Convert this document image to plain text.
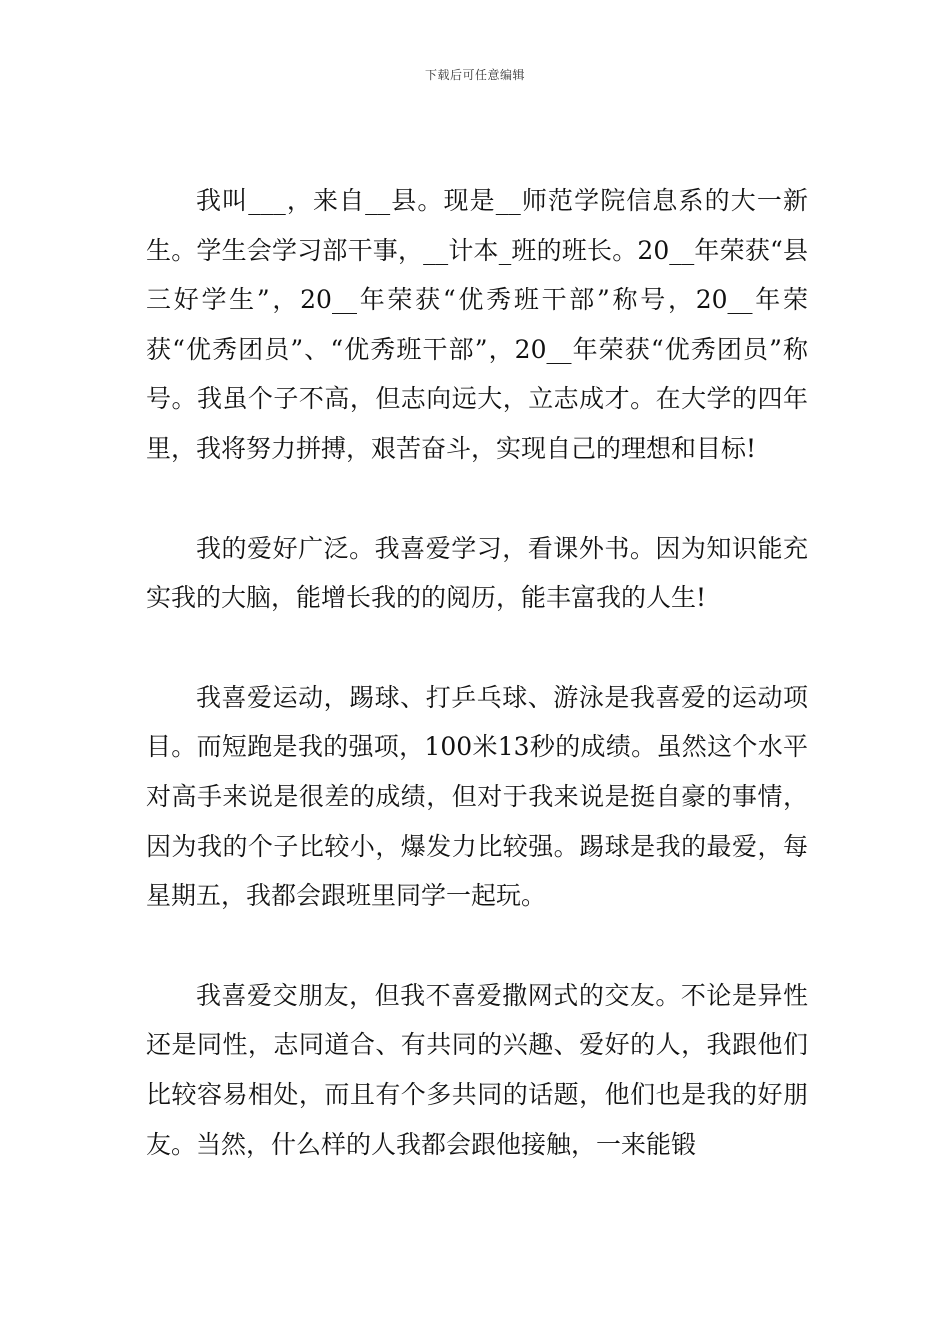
下载后可任意编辑

我叫___，来自__县。现是__师范学院信息系的大一新生。学生会学习部干事，__计本_班的班长。20__年荣获“县三好学生”，20__年荣获“优秀班干部”称号，20__年荣获“优秀团员”、“优秀班干部”，20__年荣获“优秀团员”称号。我虽个子不高，但志向远大，立志成才。在大学的四年里，我将努力拼搏，艰苦奋斗，实现自己的理想和目标!

我的爱好广泛。我喜爱学习，看课外书。因为知识能充实我的大脑，能增长我的的阅历，能丰富我的人生!

我喜爱运动，踢球、打乒乓球、游泳是我喜爱的运动项目。而短跑是我的强项，100米13秒的成绩。虽然这个水平对高手来说是很差的成绩，但对于我来说是挺自豪的事情，因为我的个子比较小，爆发力比较强。踢球是我的最爱，每星期五，我都会跟班里同学一起玩。

我喜爱交朋友，但我不喜爱撒网式的交友。不论是异性还是同性，志同道合、有共同的兴趣、爱好的人，我跟他们比较容易相处，而且有个多共同的话题，他们也是我的好朋友。当然，什么样的人我都会跟他接触，一来能锻
